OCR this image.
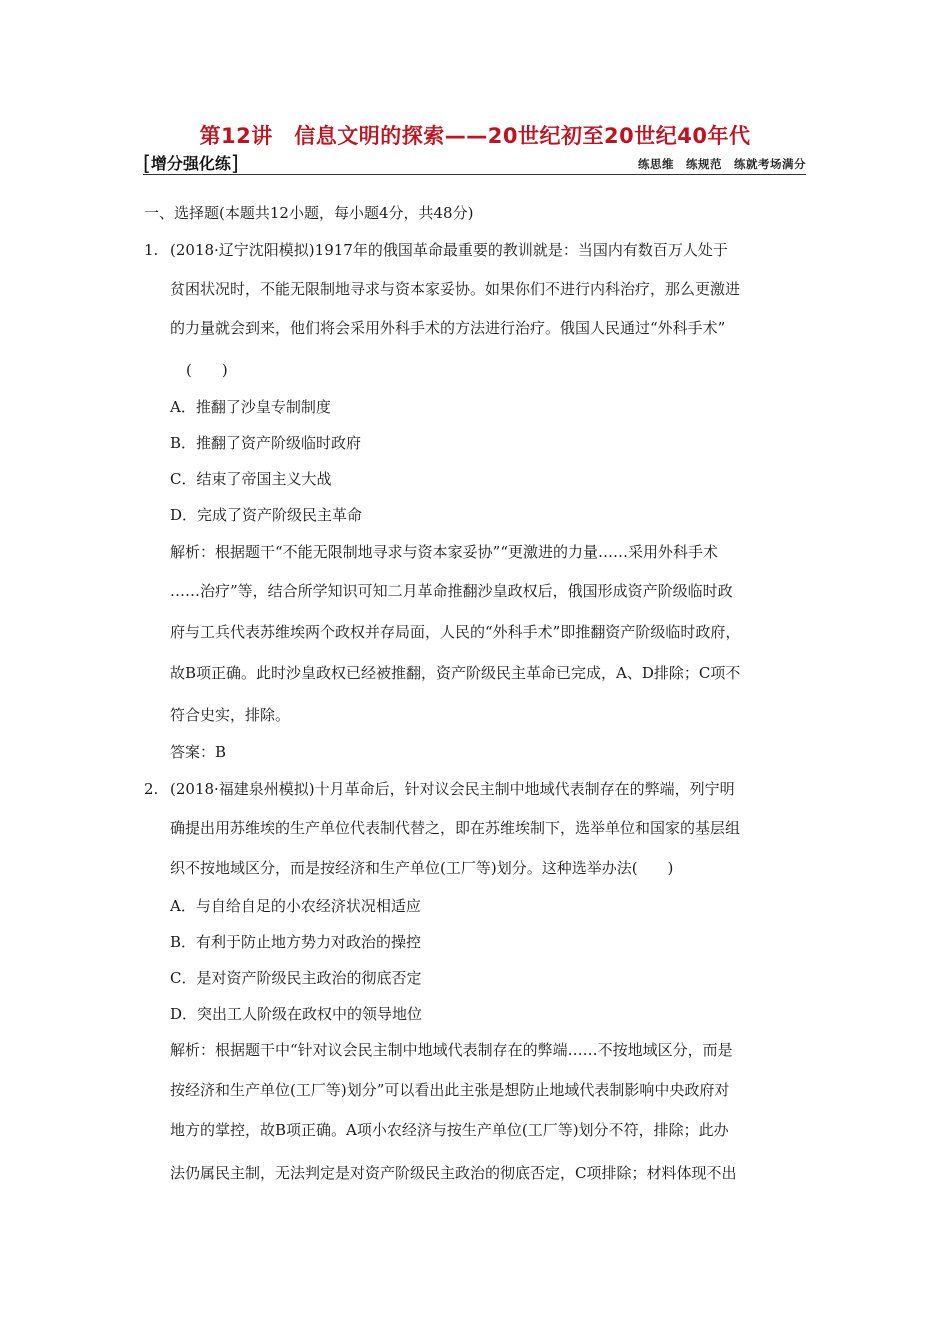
第12讲　信息文明的探索——20世纪初至20世纪40年代
[增分强化练]	练思维　练规范　练就考场满分
一、选择题(本题共12小题，每小题4分，共48分)
1. (2018·辽宁沈阳模拟)1917年的俄国革命最重要的教训就是：当国内有数百万人处于
贫困状况时，不能无限制地寻求与资本家妥协。如果你们不进行内科治疗，那么更激进
的力量就会到来，他们将会采用外科手术的方法进行治疗。俄国人民通过“外科手术”
(　　)
A．推翻了沙皇专制制度
B．推翻了资产阶级临时政府
C．结束了帝国主义大战
D．完成了资产阶级民主革命
解析：根据题干“不能无限制地寻求与资本家妥协”“更激进的力量……采用外科手术
……治疗”等，结合所学知识可知二月革命推翻沙皇政权后，俄国形成资产阶级临时政
府与工兵代表苏维埃两个政权并存局面，人民的“外科手术”即推翻资产阶级临时政府，
故B项正确。此时沙皇政权已经被推翻，资产阶级民主革命已完成，A、D排除；C项不
符合史实，排除。
答案：B
2. (2018·福建泉州模拟)十月革命后，针对议会民主制中地域代表制存在的弊端，列宁明
确提出用苏维埃的生产单位代表制代替之，即在苏维埃制下，选举单位和国家的基层组
织不按地域区分，而是按经济和生产单位(工厂等)划分。这种选举办法(　　)
A．与自给自足的小农经济状况相适应
B．有利于防止地方势力对政治的操控
C．是对资产阶级民主政治的彻底否定
D．突出工人阶级在政权中的领导地位
解析：根据题干中“针对议会民主制中地域代表制存在的弊端……不按地域区分，而是
按经济和生产单位(工厂等)划分”可以看出此主张是想防止地域代表制影响中央政府对
地方的掌控，故B项正确。A项小农经济与按生产单位(工厂等)划分不符，排除；此办
法仍属民主制，无法判定是对资产阶级民主政治的彻底否定，C项排除；材料体现不出
